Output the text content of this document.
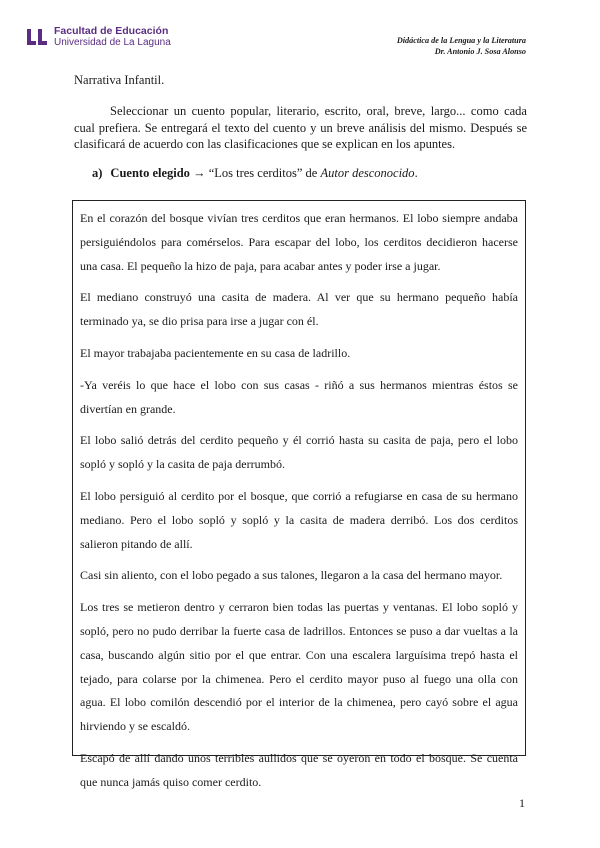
Facultad de Educación
Universidad de La Laguna	Didáctica de la Lengua y la Literatura
Dr. Antonio J. Sosa Alonso
Narrativa Infantil.

Seleccionar un cuento popular, literario, escrito, oral, breve, largo... como cada cual prefiera. Se entregará el texto del cuento y un breve análisis del mismo. Después se clasificará de acuerdo con las clasificaciones que se explican en los apuntes.

a) Cuento elegido → “Los tres cerditos” de Autor desconocido.

En el corazón del bosque vivían tres cerditos que eran hermanos. El lobo siempre andaba persiguiéndolos para comérselos. Para escapar del lobo, los cerditos decidieron hacerse una casa. El pequeño la hizo de paja, para acabar antes y poder irse a jugar.

El mediano construyó una casita de madera. Al ver que su hermano pequeño había terminado ya, se dio prisa para irse a jugar con él.

El mayor trabajaba pacientemente en su casa de ladrillo.

-Ya veréis lo que hace el lobo con sus casas - riñó a sus hermanos mientras éstos se divertían en grande.

El lobo salió detrás del cerdito pequeño y él corrió hasta su casita de paja, pero el lobo sopló y sopló y la casita de paja derrumbó.

El lobo persiguió al cerdito por el bosque, que corrió a refugiarse en casa de su hermano mediano. Pero el lobo sopló y sopló y la casita de madera derribó. Los dos cerditos salieron pitando de allí.

Casi sin aliento, con el lobo pegado a sus talones, llegaron a la casa del hermano mayor.

Los tres se metieron dentro y cerraron bien todas las puertas y ventanas. El lobo sopló y sopló, pero no pudo derribar la fuerte casa de ladrillos. Entonces se puso a dar vueltas a la casa, buscando algún sitio por el que entrar. Con una escalera larguísima trepó hasta el tejado, para colarse por la chimenea. Pero el cerdito mayor puso al fuego una olla con agua. El lobo comilón descendió por el interior de la chimenea, pero cayó sobre el agua hirviendo y se escaldó.

Escapó de allí dando unos terribles aullidos que se oyeron en todo el bosque. Se cuenta que nunca jamás quiso comer cerdito.

1
